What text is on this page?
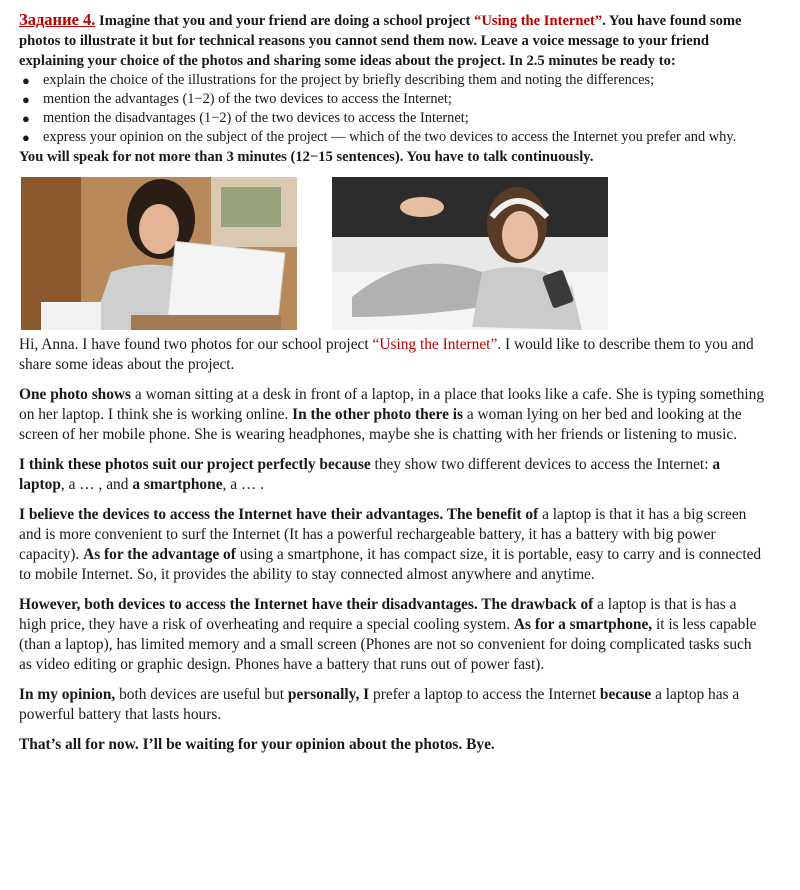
Задание 4. Imagine that you and your friend are doing a school project “Using the Internet”. You have found some photos to illustrate it but for technical reasons you cannot send them now. Leave a voice message to your friend explaining your choice of the photos and sharing some ideas about the project. In 2.5 minutes be ready to:

● explain the choice of the illustrations for the project by briefly describing them and noting the differences;
● mention the advantages (1−2) of the two devices to access the Internet;
● mention the disadvantages (1−2) of the two devices to access the Internet;
● express your opinion on the subject of the project — which of the two devices to access the Internet you prefer and why.

You will speak for not more than 3 minutes (12−15 sentences). You have to talk continuously.

Hi, Anna. I have found two photos for our school project “Using the Internet”. I would like to describe them to you and share some ideas about the project.

One photo shows a woman sitting at a desk in front of a laptop, in a place that looks like a cafe. She is typing something on her laptop. I think she is working online. In the other photo there is a woman lying on her bed and looking at the screen of her mobile phone. She is wearing headphones, maybe she is chatting with her friends or listening to music.

I think these photos suit our project perfectly because they show two different devices to access the Internet: a laptop, a … , and a smartphone, a … .

I believe the devices to access the Internet have their advantages. The benefit of a laptop is that it has a big screen and is more convenient to surf the Internet (It has a powerful rechargeable battery, it has a battery with big power capacity). As for the advantage of using a smartphone, it has compact size, it is portable, easy to carry and is connected to mobile Internet. So, it provides the ability to stay connected almost anywhere and anytime.

However, both devices to access the Internet have their disadvantages. The drawback of a laptop is that is has a high price, they have a risk of overheating and require a special cooling system. As for a smartphone, it is less capable (than a laptop), has limited memory and a small screen (Phones are not so convenient for doing complicated tasks such as video editing or graphic design. Phones have a battery that runs out of power fast).

In my opinion, both devices are useful but personally, I prefer a laptop to access the Internet because a laptop has a powerful battery that lasts hours.

That’s all for now. I’ll be waiting for your opinion about the photos. Bye.
